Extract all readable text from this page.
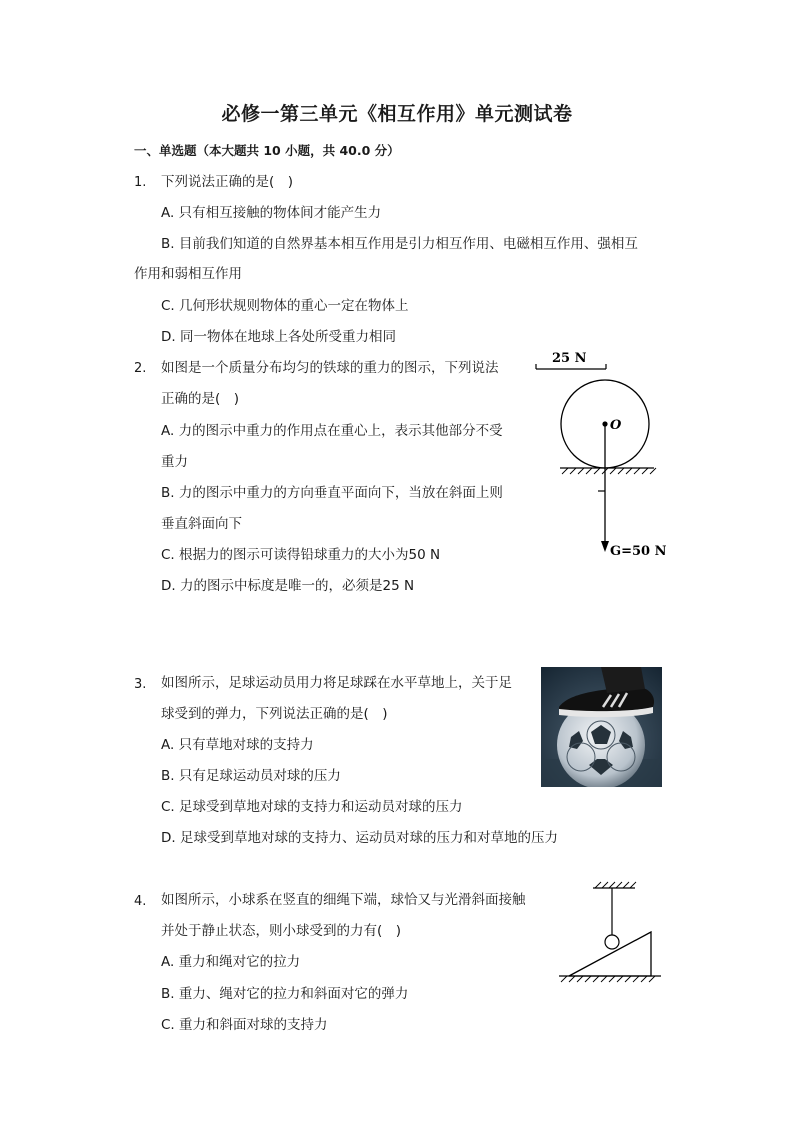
必修一第三单元《相互作用》单元测试卷
一、单选题（本大题共 10 小题，共 40.0 分）
1. 下列说法正确的是(　)
A. 只有相互接触的物体间才能产生力
B. 目前我们知道的自然界基本相互作用是引力相互作用、电磁相互作用、强相互
作用和弱相互作用
C. 几何形状规则物体的重心一定在物体上
D. 同一物体在地球上各处所受重力相同
2. 如图是一个质量分布均匀的铁球的重力的图示，下列说法
正确的是(　)
A. 力的图示中重力的作用点在重心上，表示其他部分不受
重力
B. 力的图示中重力的方向垂直平面向下，当放在斜面上则
垂直斜面向下
C. 根据力的图示可读得铅球重力的大小为50 N
D. 力的图示中标度是唯一的，必须是25 N
25 N
O
G=50 N
3. 如图所示，足球运动员用力将足球踩在水平草地上，关于足
球受到的弹力，下列说法正确的是(　)
A. 只有草地对球的支持力
B. 只有足球运动员对球的压力
C. 足球受到草地对球的支持力和运动员对球的压力
D. 足球受到草地对球的支持力、运动员对球的压力和对草地的压力
4. 如图所示，小球系在竖直的细绳下端，球恰又与光滑斜面接触
并处于静止状态，则小球受到的力有(　)
A. 重力和绳对它的拉力
B. 重力、绳对它的拉力和斜面对它的弹力
C. 重力和斜面对球的支持力
